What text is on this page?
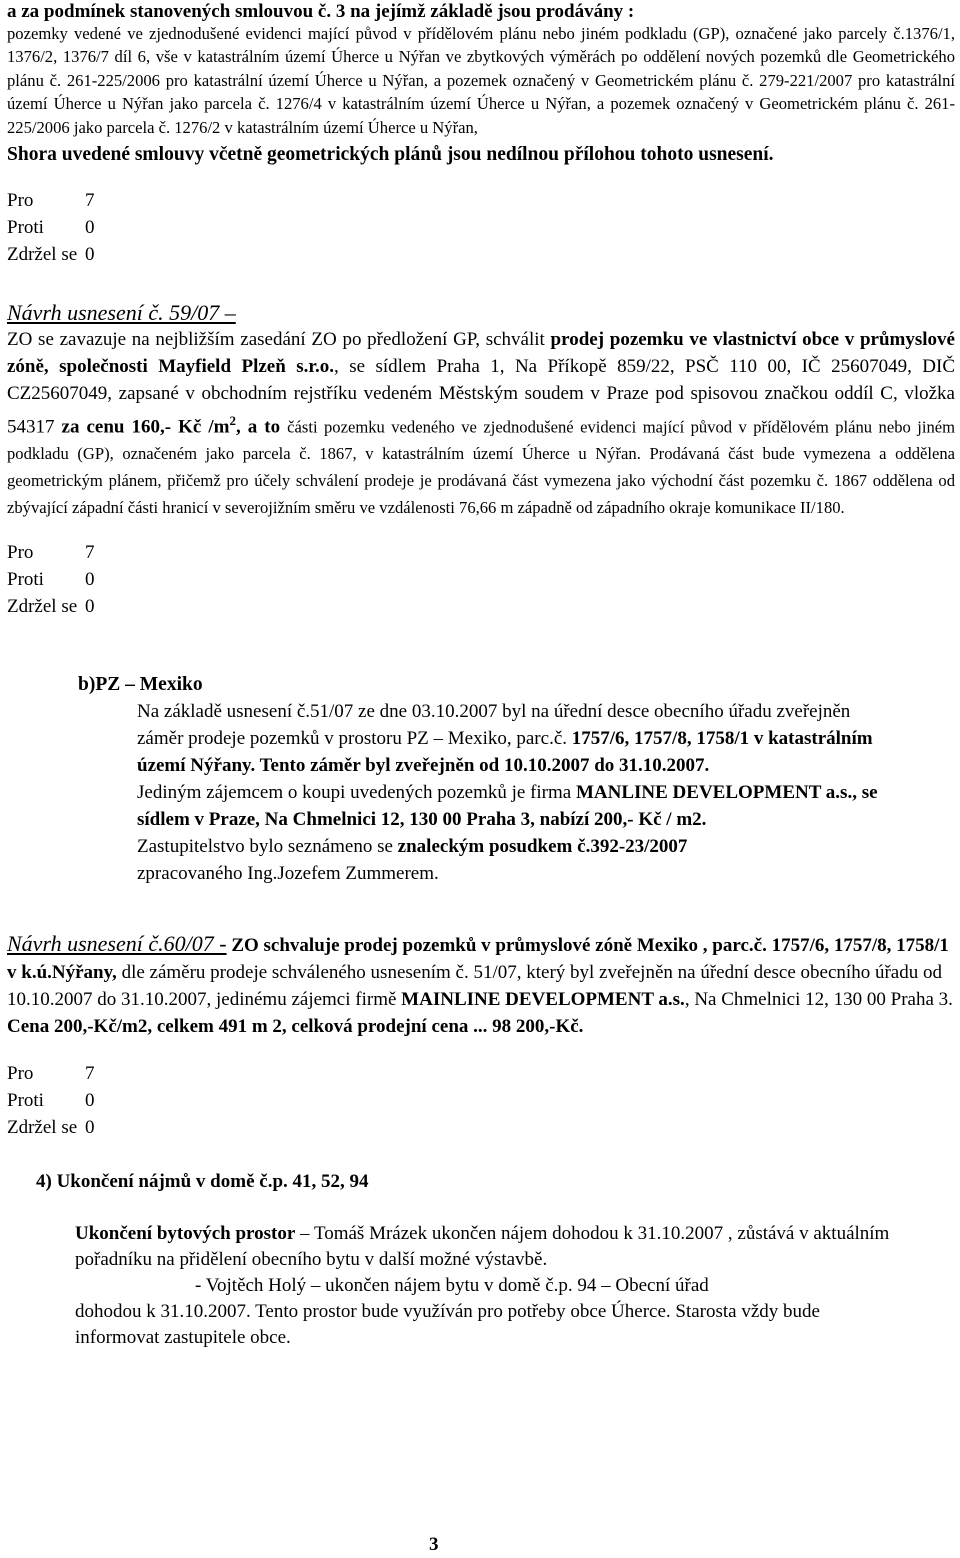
a za podmínek stanovených smlouvou č. 3 na jejímž základě jsou prodávány :

pozemky vedené ve zjednodušené evidenci mající původ v přídělovém plánu nebo jiném podkladu (GP), označené jako parcely č.1376/1, 1376/2, 1376/7 díl 6, vše v katastrálním území Úherce u Nýřan ve zbytkových výměrách po oddělení nových pozemků dle Geometrického plánu č. 261-225/2006 pro katastrální území Úherce u Nýřan, a pozemek označený v Geometrickém plánu č. 279-221/2007 pro katastrální území Úherce u Nýřan jako parcela č. 1276/4 v katastrálním území Úherce u Nýřan, a pozemek označený v Geometrickém plánu č. 261-225/2006 jako parcela č. 1276/2 v katastrálním území Úherce u Nýřan,

Shora uvedené smlouvy včetně geometrických plánů jsou nedílnou přílohou tohoto usnesení.

Pro	7
Proti 0
Zdržel se 0

Návrh usnesení č. 59/07 –

ZO se zavazuje na nejbližším zasedání ZO po předložení GP, schválit prodej pozemku ve vlastnictví obce v průmyslové zóně, společnosti Mayfield Plzeň s.r.o., se sídlem Praha 1, Na Příkopě 859/22, PSČ 110 00, IČ 25607049, DIČ CZ25607049, zapsané v obchodním rejstříku vedeném Městským soudem v Praze pod spisovou značkou oddíl C, vložka 54317 za cenu 160,- Kč $/m^2$, a to části pozemku vedeného ve zjednodušené evidenci mající původ v přídělovém plánu nebo jiném podkladu (GP), označeném jako parcela č. 1867, v katastrálním území Úherce u Nýřan. Prodávaná část bude vymezena a oddělena geometrickým plánem, přičemž pro účely schválení prodeje je prodávaná část vymezena jako východní část pozemku č. 1867 oddělena od zbývající západní části hranicí v severojižním směru ve vzdálenosti 76,66 m západně od západního okraje komunikace II/180.

Pro	7
Proti 0
Zdržel se 0

b)PZ – Mexiko

Na základě usnesení č.51/07 ze dne 03.10.2007 byl na úřední desce obecního úřadu zveřejněn záměr prodeje pozemků v prostoru PZ – Mexiko, parc.č. 1757/6, 1757/8, 1758/1 v katastrálním území Nýřany. Tento záměr byl zveřejněn od 10.10.2007 do 31.10.2007.

Jediným zájemcem o koupi uvedených pozemků je firma MANLINE DEVELOPMENT a.s., se sídlem v Praze, Na Chmelnici 12, 130 00 Praha 3, nabízí 200,- Kč / m2.

Zastupitelstvo bylo seznámeno se znaleckým posudkem č.392-23/2007
zpracovaného Ing.Jozefem Zummerem.

Návrh usnesení č.60/07 - ZO schvaluje prodej pozemků v průmyslové zóně Mexiko , parc.č. 1757/6, 1757/8, 1758/1 v k.ú.Nýřany, dle záměru prodeje schváleného usnesením č. 51/07, který byl zveřejněn na úřední desce obecního úřadu od 10.10.2007 do 31.10.2007, jedinému zájemci firmě MAINLINE DEVELOPMENT a.s., Na Chmelnici 12, 130 00 Praha 3. Cena 200,-Kč/m2, celkem 491 m 2, celková prodejní cena ... 98 200,-Kč.

Pro	7
Proti 0
Zdržel se 0

4) Ukončení nájmů v domě č.p. 41, 52, 94

Ukončení bytových prostor – Tomáš Mrázek ukončen nájem dohodou k 31.10.2007 , zůstává v aktuálním pořadníku na přidělení obecního bytu v další možné výstavbě.

- Vojtěch Holý – ukončen nájem bytu v domě č.p. 94 – Obecní úřad

dohodou k 31.10.2007. Tento prostor bude využíván pro potřeby obce Úherce. Starosta vždy bude informovat zastupitele obce.

3
